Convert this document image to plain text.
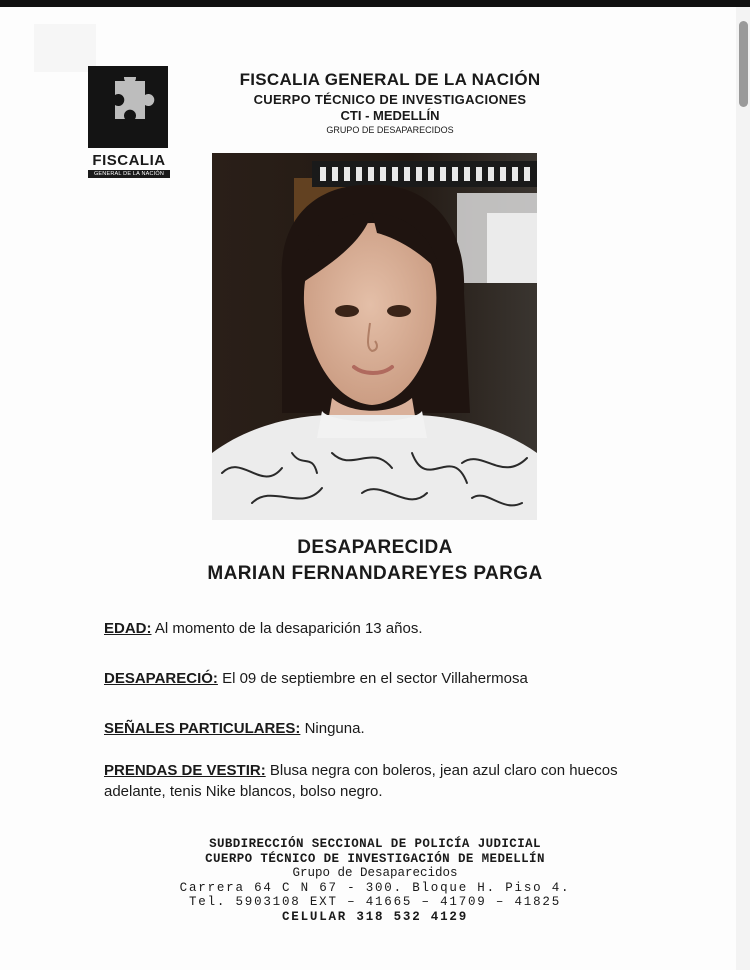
FISCALIA
GENERAL DE LA NACIÓN
FISCALIA GENERAL DE LA NACIÓN
CUERPO TÉCNICO DE INVESTIGACIONES
CTI - MEDELLÍN
GRUPO DE DESAPARECIDOS
DESAPARECIDA
MARIAN FERNANDAREYES PARGA
EDAD: Al momento de la desaparición 13 años.
DESAPARECIÓ: El 09 de septiembre en el sector Villahermosa
SEÑALES PARTICULARES: Ninguna.
PRENDAS DE VESTIR: Blusa negra con boleros, jean azul claro con huecos adelante, tenis Nike blancos, bolso negro.
SUBDIRECCIÓN SECCIONAL DE POLICÍA JUDICIAL
CUERPO TÉCNICO DE INVESTIGACIÓN DE MEDELLÍN
Grupo de Desaparecidos
Carrera 64 C N 67 - 300. Bloque H. Piso 4.
Tel. 5903108 EXT – 41665 – 41709 – 41825
CELULAR 318 532 4129
